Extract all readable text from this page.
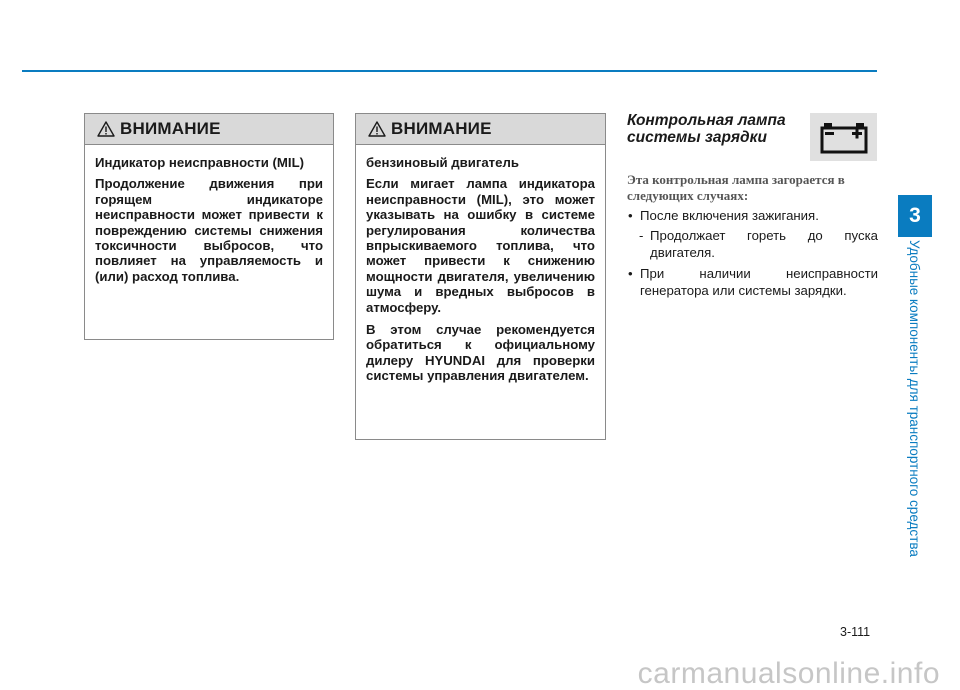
ВНИМАНИЕ

Индикатор неисправности (MIL)

Продолжение движения при горящем индикаторе неисправности может привести к повреждению системы снижения токсичности выбросов, что повлияет на управляемость и (или) расход топлива.

ВНИМАНИЕ

бензиновый двигатель

Если мигает лампа индикатора неисправности (MIL), это может указывать на ошибку в системе регулирования количества впрыскиваемого топлива, что может привести к снижению мощности двигателя, увеличению шума и вредных выбросов в атмосферу.

В этом случае рекомендуется обратиться к официальному дилеру HYUNDAI для проверки системы управления двигателем.

Контрольная лампа системы зарядки
Эта контрольная лампа загорается в следующих случаях:
• После включения зажигания.
- Продолжает гореть до пуска двигателя.
• При наличии неисправности генератора или системы зарядки.
3
Удобные компоненты для транспортного средства
3-111
carmanualsonline.info
